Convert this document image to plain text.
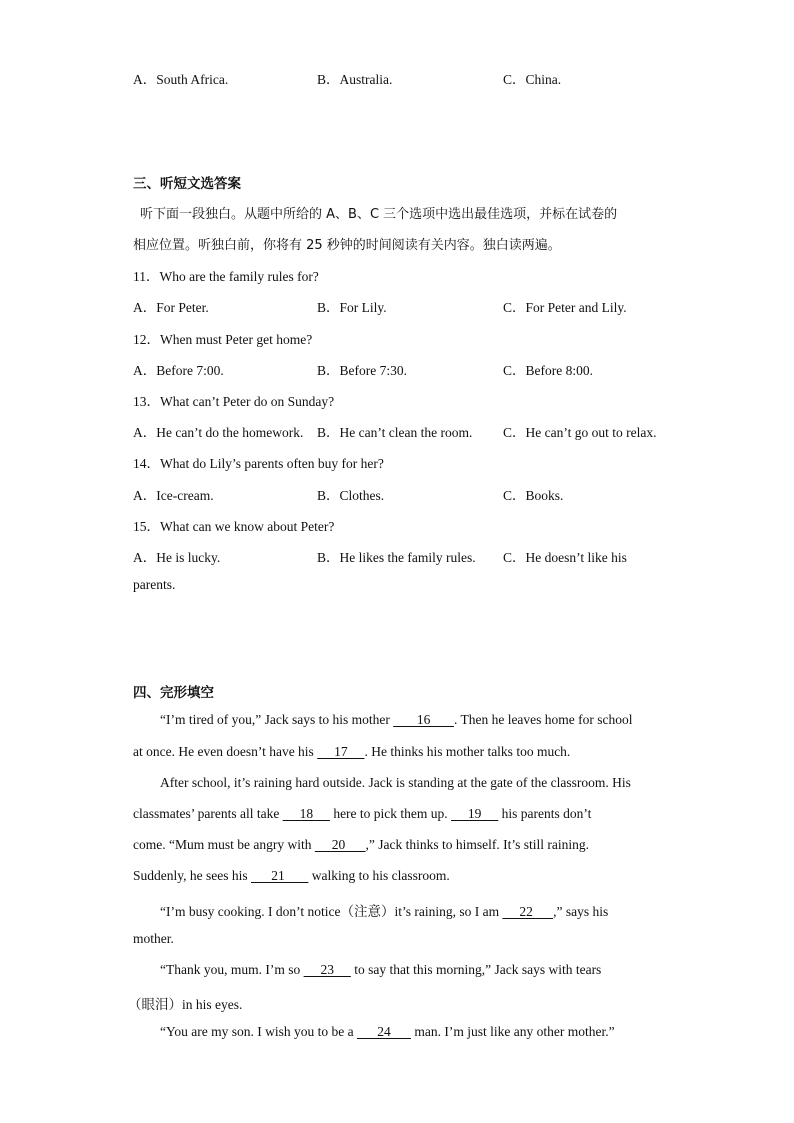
A．South Africa.	B．Australia.	C．China.
三、听短文选答案
听下面一段独白。从题中所给的 A、B、C 三个选项中选出最佳选项，并标在试卷的
相应位置。听独白前，你将有 25 秒钟的时间阅读有关内容。独白读两遍。
11．Who are the family rules for?
A．For Peter.	B．For Lily.	C．For Peter and Lily.
12．When must Peter get home?
A．Before 7:00.	B．Before 7:30.	C．Before 8:00.
13．What can’t Peter do on Sunday?
A．He can’t do the homework. B．He can’t clean the room. C．He can’t go out to relax.
14．What do Lily’s parents often buy for her?
A．Ice-cream.	B．Clothes.	C．Books.
15．What can we know about Peter?
A．He is lucky.	B．He likes the family rules. C．He doesn’t like his
parents.
四、完形填空
“I’m tired of you,” Jack says to his mother        16       . Then he leaves home for school
at once. He even doesn’t have his      17     . He thinks his mother talks too much.
After school, it’s raining hard outside. Jack is standing at the gate of the classroom. His
classmates’ parents all take      18      here to pick them up.      19      his parents don’t
come. “Mum must be angry with      20      ,” Jack thinks to himself. It’s still raining.
Suddenly, he sees his       21        walking to his classroom.
“I’m busy cooking. I don’t notice（注意）it’s raining, so I am      22      ,” says his
mother.
“Thank you, mum. I’m so      23      to say that this morning,” Jack says with tears
（眼泪）in his eyes.
“You are my son. I wish you to be a       24       man. I’m just like any other mother.”
